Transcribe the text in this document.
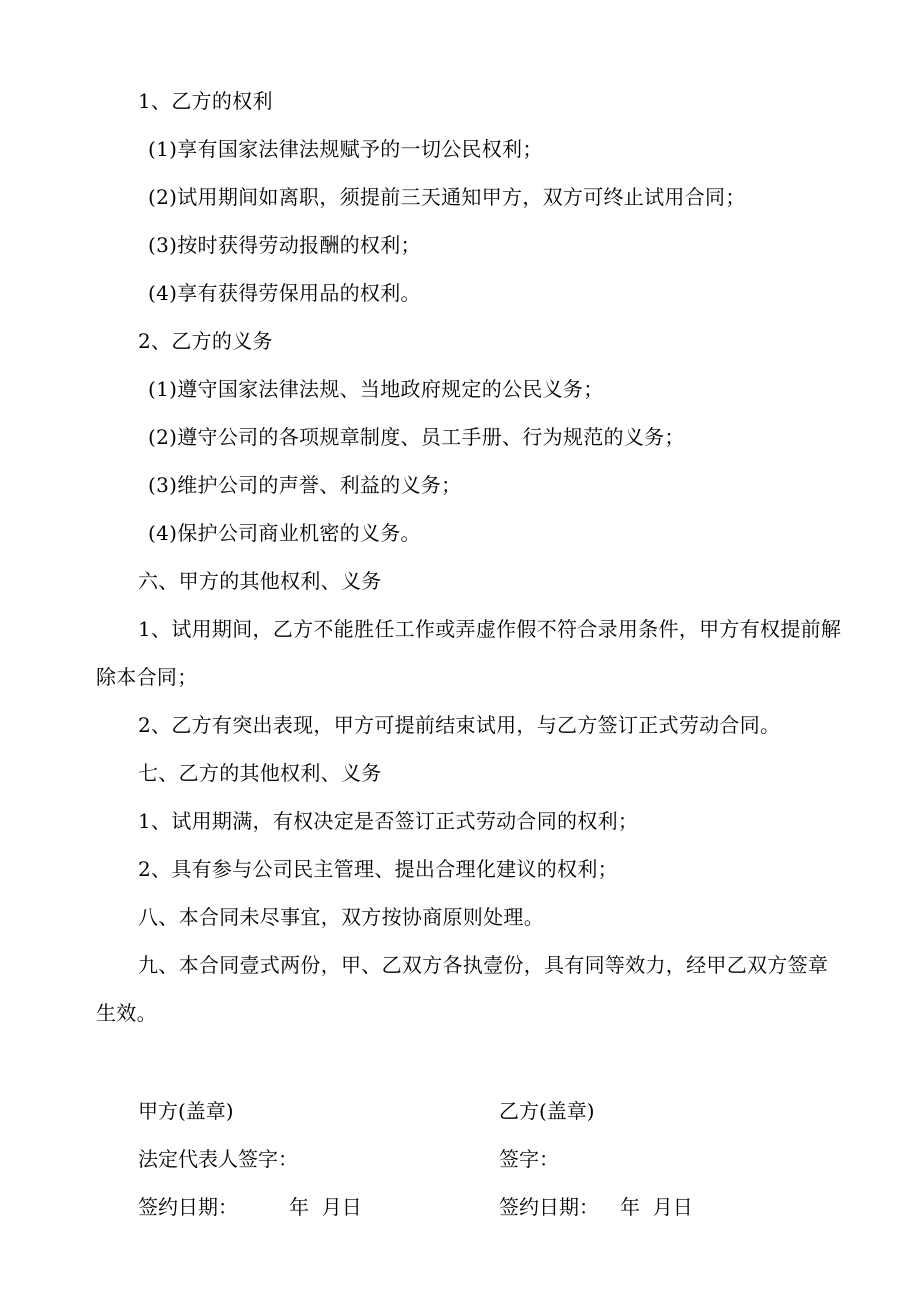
1、乙方的权利
(1)享有国家法律法规赋予的一切公民权利；
(2)试用期间如离职，须提前三天通知甲方，双方可终止试用合同；
(3)按时获得劳动报酬的权利；
(4)享有获得劳保用品的权利。
2、乙方的义务
(1)遵守国家法律法规、当地政府规定的公民义务；
(2)遵守公司的各项规章制度、员工手册、行为规范的义务；
(3)维护公司的声誉、利益的义务；
(4)保护公司商业机密的义务。
六、甲方的其他权利、义务
1、试用期间，乙方不能胜任工作或弄虚作假不符合录用条件，甲方有权提前解除本合同；
2、乙方有突出表现，甲方可提前结束试用，与乙方签订正式劳动合同。
七、乙方的其他权利、义务
1、试用期满，有权决定是否签订正式劳动合同的权利；
2、具有参与公司民主管理、提出合理化建议的权利；
八、本合同未尽事宜，双方按协商原则处理。
九、本合同壹式两份，甲、乙双方各执壹份，具有同等效力，经甲乙双方签章生效。
甲方(盖章)	乙方(盖章)
法定代表人签字：	签字：
签约日期：	年  月日	签约日期： 年  月日
